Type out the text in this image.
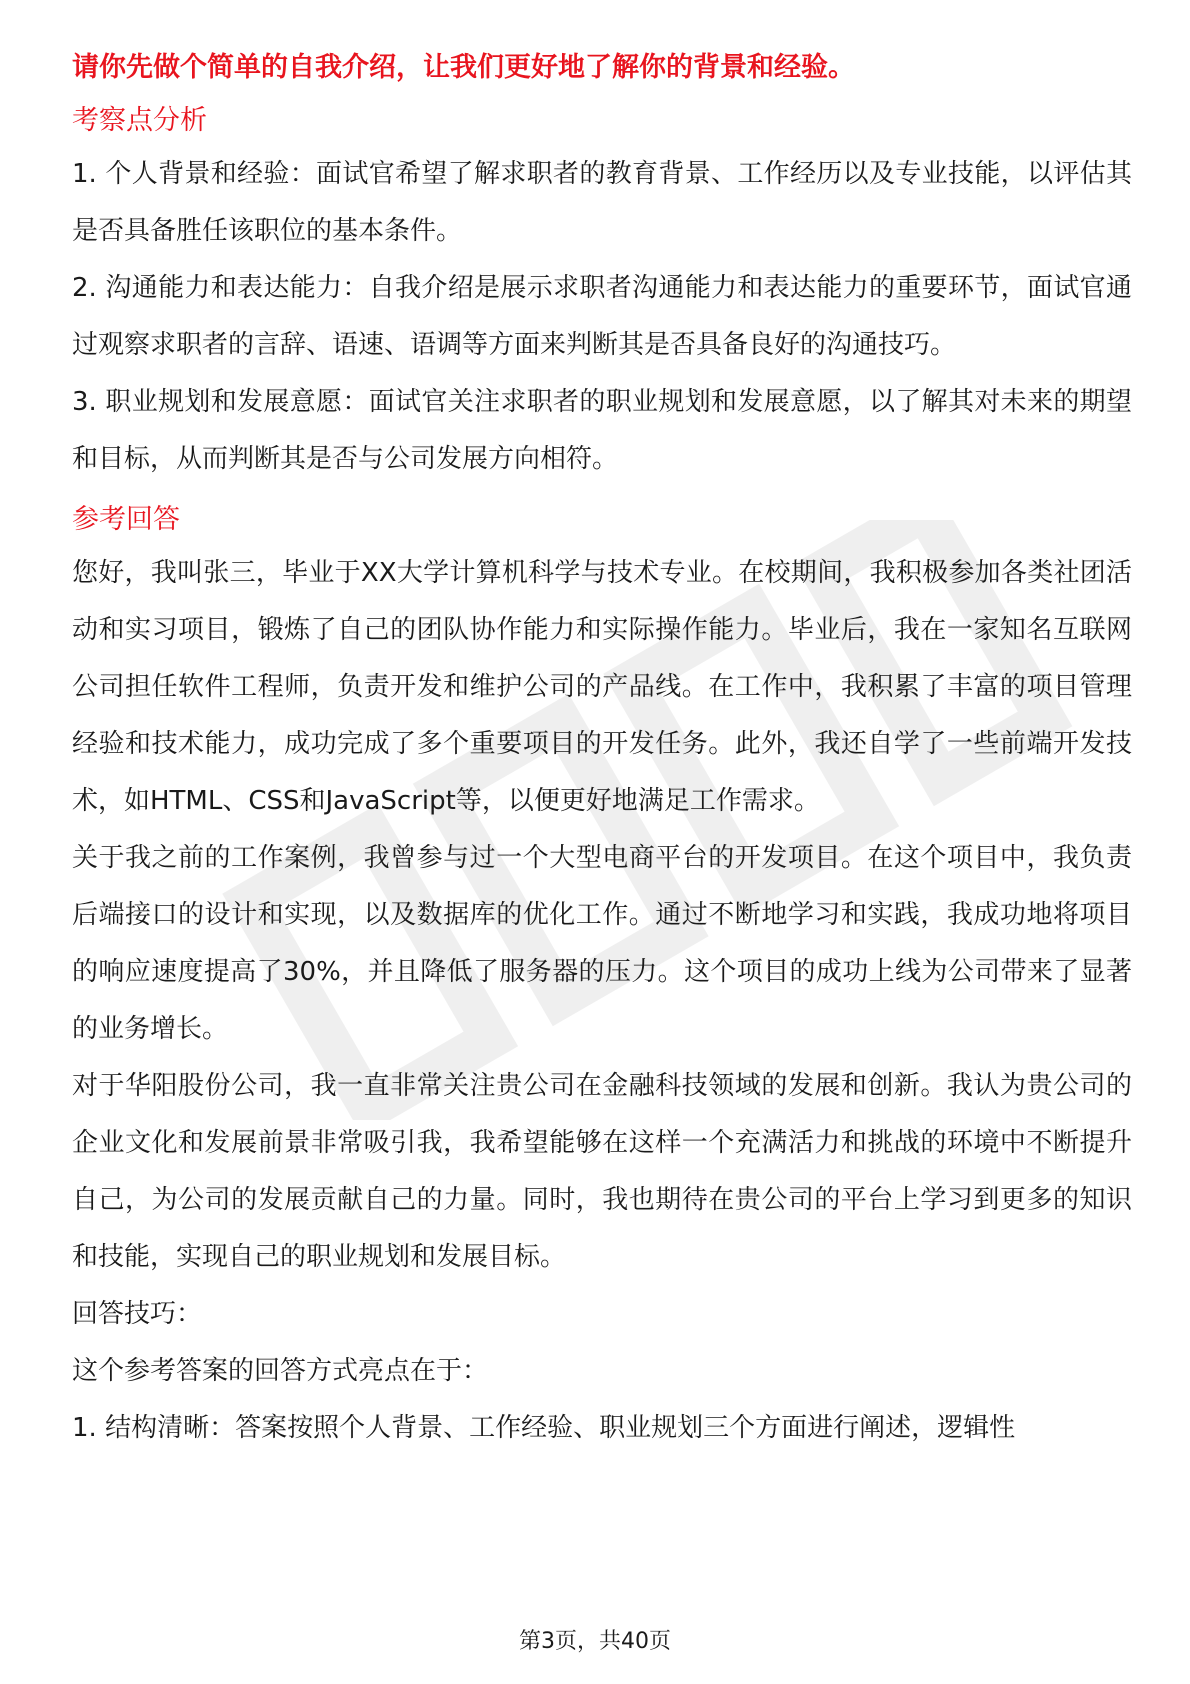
请你先做个简单的自我介绍，让我们更好地了解你的背景和经验。

考察点分析

1. 个人背景和经验：面试官希望了解求职者的教育背景、工作经历以及专业技能，以评估其是否具备胜任该职位的基本条件。

2. 沟通能力和表达能力：自我介绍是展示求职者沟通能力和表达能力的重要环节，面试官通过观察求职者的言辞、语速、语调等方面来判断其是否具备良好的沟通技巧。

3. 职业规划和发展意愿：面试官关注求职者的职业规划和发展意愿，以了解其对未来的期望和目标，从而判断其是否与公司发展方向相符。

参考回答

您好，我叫张三，毕业于XX大学计算机科学与技术专业。在校期间，我积极参加各类社团活动和实习项目，锻炼了自己的团队协作能力和实际操作能力。毕业后，我在一家知名互联网公司担任软件工程师，负责开发和维护公司的产品线。在工作中，我积累了丰富的项目管理经验和技术能力，成功完成了多个重要项目的开发任务。此外，我还自学了一些前端开发技术，如HTML、CSS和JavaScript等，以便更好地满足工作需求。

关于我之前的工作案例，我曾参与过一个大型电商平台的开发项目。在这个项目中，我负责后端接口的设计和实现，以及数据库的优化工作。通过不断地学习和实践，我成功地将项目的响应速度提高了30%，并且降低了服务器的压力。这个项目的成功上线为公司带来了显著的业务增长。

对于华阳股份公司，我一直非常关注贵公司在金融科技领域的发展和创新。我认为贵公司的企业文化和发展前景非常吸引我，我希望能够在这样一个充满活力和挑战的环境中不断提升自己，为公司的发展贡献自己的力量。同时，我也期待在贵公司的平台上学习到更多的知识和技能，实现自己的职业规划和发展目标。

回答技巧：

这个参考答案的回答方式亮点在于：

1. 结构清晰：答案按照个人背景、工作经验、职业规划三个方面进行阐述，逻辑性

第3页，共40页
